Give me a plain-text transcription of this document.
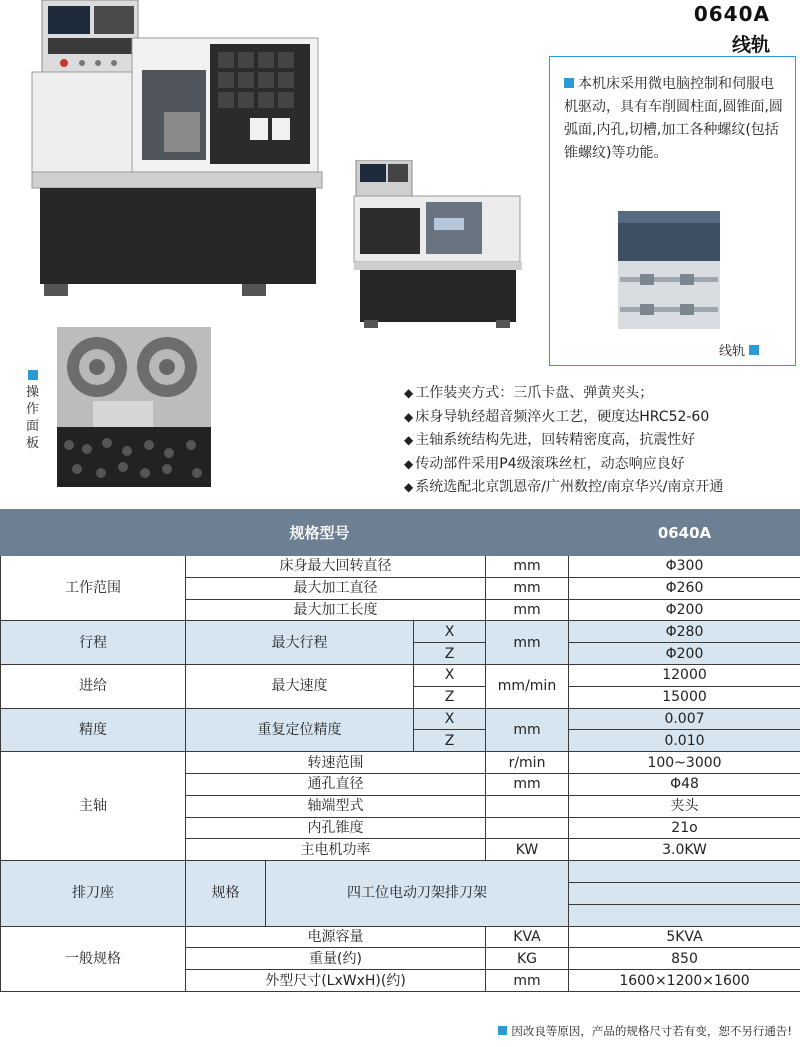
0640A
线轨

本机床采用微电脑控制和伺服电机驱动，具有车削圆柱面,圆锥面,圆弧面,内孔,切槽,加工各种螺纹(包括锥螺纹)等功能。

线轨
操作面板
◆ 工作装夹方式：三爪卡盘、弹黄夹头；
◆ 床身导轨经超音频淬火工艺，硬度达HRC52-60
◆ 主轴系统结构先进，回转精密度高，抗震性好
◆ 传动部件采用P4级滚珠丝杠，动态响应良好
◆ 系统选配北京凯恩帝/广州数控/南京华兴/南京开通
规格型号					0640A
工作范围	床身最大回转直径			mm	Φ300
	最大加工直径			mm	Φ260
	最大加工长度			mm	Φ200
行程	最大行程		X	mm	Φ280
			Z		Φ200
进给	最大速度		X	mm/min	12000
			Z		15000
精度	重复定位精度		X	mm	0.007
			Z		0.010
主轴	转速范围			r/min	100~3000
	通孔直径			mm	Φ48
	轴端型式				夹头
	内孔锥度				21o
	主电机功率			KW	3.0KW
排刀座	规格	四工位电动刀架排刀架			

一般规格	电源容量			KVA	5KVA
	重量(约)			KG	850
	外型尺寸(LxWxH)(约)			mm	1600×1200×1600
因改良等原因，产品的规格尺寸若有变，恕不另行通告!
